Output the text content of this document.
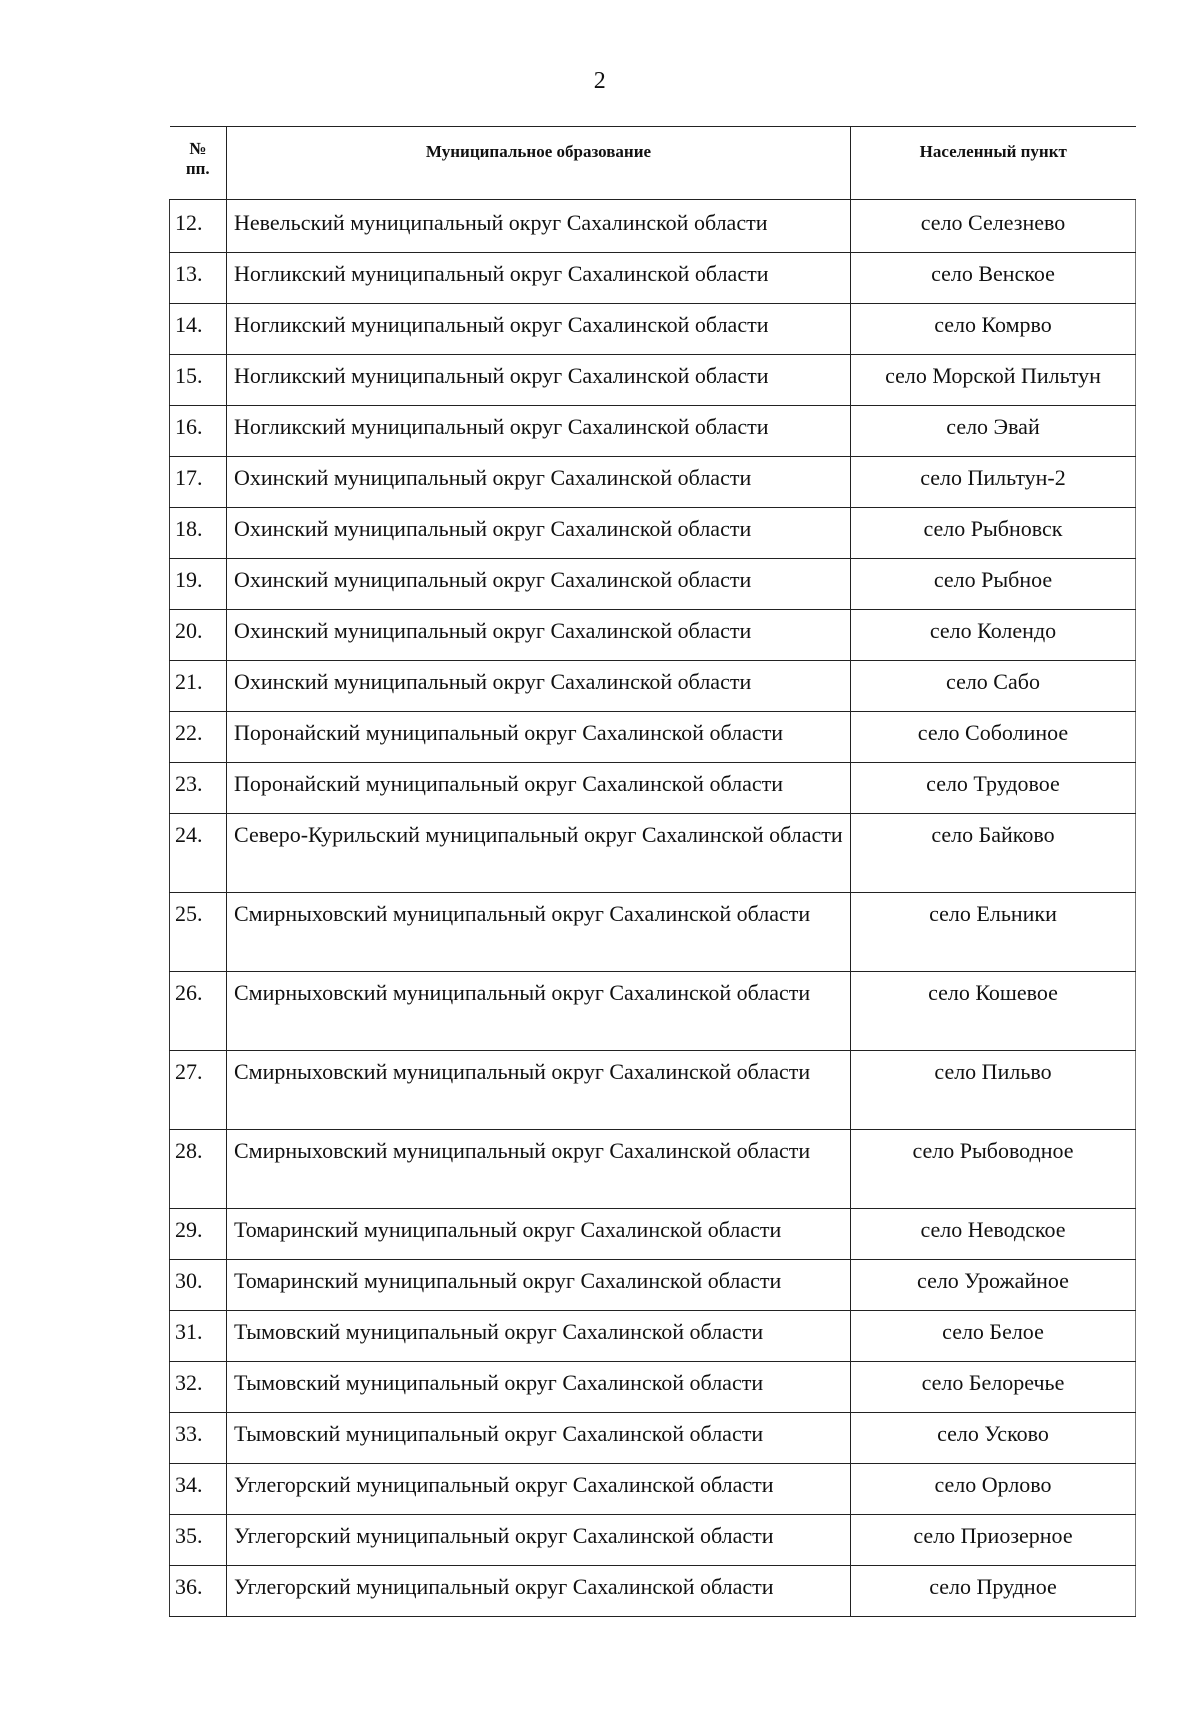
2
№
пп.	Муниципальное образование	Населенный пункт
12.	Невельский муниципальный округ Сахалинской области	село Селезнево
13.	Ногликский муниципальный округ Сахалинской области	село Венское
14.	Ногликский муниципальный округ Сахалинской области	село Комрво
15.	Ногликский муниципальный округ Сахалинской области	село Морской Пильтун
16.	Ногликский муниципальный округ Сахалинской области	село Эвай
17.	Охинский муниципальный округ Сахалинской области	село Пильтун-2
18.	Охинский муниципальный округ Сахалинской области	село Рыбновск
19.	Охинский муниципальный округ Сахалинской области	село Рыбное
20.	Охинский муниципальный округ Сахалинской области	село Колендо
21.	Охинский муниципальный округ Сахалинской области	село Сабо
22.	Поронайский муниципальный округ Сахалинской области	село Соболиное
23.	Поронайский муниципальный округ Сахалинской области	село Трудовое
24.	Северо-Курильский муниципальный округ Сахалинской области	село Байково
25.	Смирныховский муниципальный округ Сахалинской области	село Ельники
26.	Смирныховский муниципальный округ Сахалинской области	село Кошевое
27.	Смирныховский муниципальный округ Сахалинской области	село Пильво
28.	Смирныховский муниципальный округ Сахалинской области	село Рыбоводное
29.	Томаринский муниципальный округ Сахалинской области	село Неводское
30.	Томаринский муниципальный округ Сахалинской области	село Урожайное
31.	Тымовский муниципальный округ Сахалинской области	село Белое
32.	Тымовский муниципальный округ Сахалинской области	село Белоречье
33.	Тымовский муниципальный округ Сахалинской области	село Усково
34.	Углегорский муниципальный округ Сахалинской области	село Орлово
35.	Углегорский муниципальный округ Сахалинской области	село Приозерное
36.	Углегорский муниципальный округ Сахалинской области	село Прудное
